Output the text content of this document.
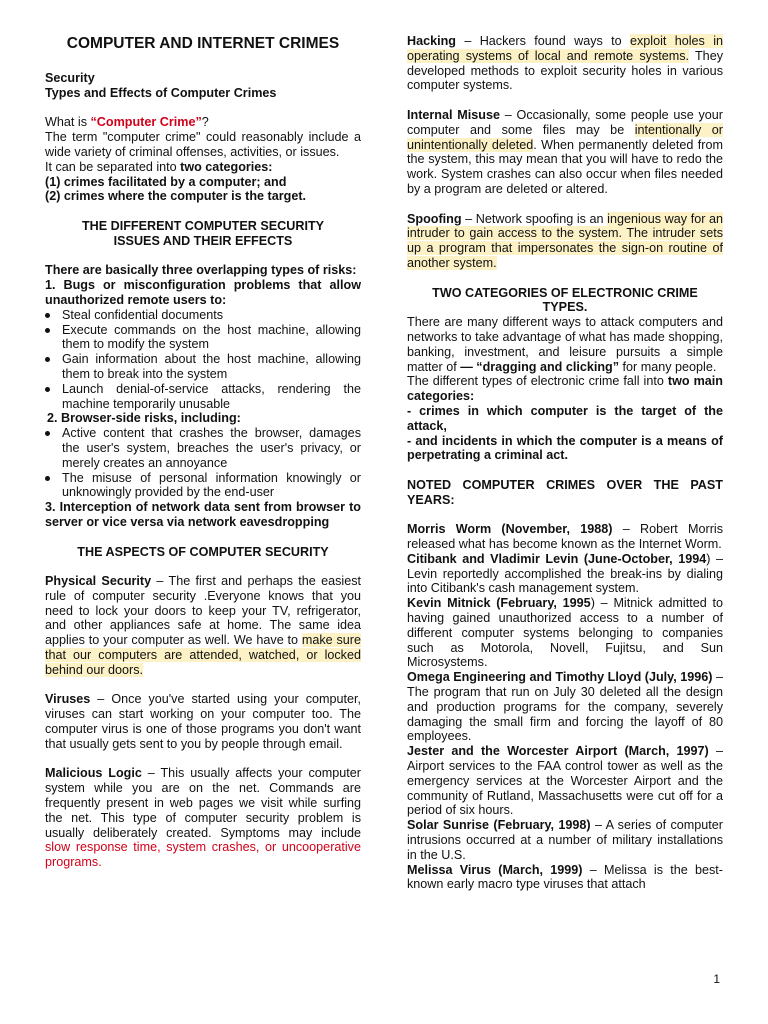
COMPUTER AND INTERNET CRIMES

Security

Types and Effects of Computer Crimes

What is “Computer Crime”?

The term "computer crime" could reasonably include a wide variety of criminal offenses, activities, or issues.

It can be separated into two categories:

(1) crimes facilitated by a computer; and

(2) crimes where the computer is the target.

THE DIFFERENT COMPUTER SECURITY ISSUES AND THEIR EFFECTS

There are basically three overlapping types of risks:

1. Bugs or misconfiguration problems that allow unauthorized remote users to:

Steal confidential documents
Execute commands on the host machine, allowing them to modify the system
Gain information about the host machine, allowing them to break into the system
Launch denial-of-service attacks, rendering the machine temporarily unusable

2. Browser-side risks, including:

Active content that crashes the browser, damages the user's system, breaches the user's privacy, or merely creates an annoyance
The misuse of personal information knowingly or unknowingly provided by the end-user

3. Interception of network data sent from browser to server or vice versa via network eavesdropping

THE ASPECTS OF COMPUTER SECURITY

Physical Security – The first and perhaps the easiest rule of computer security .Everyone knows that you need to lock your doors to keep your TV, refrigerator, and other appliances safe at home. The same idea applies to your computer as well. We have to make sure that our computers are attended, watched, or locked behind our doors.

Viruses – Once you've started using your computer, viruses can start working on your computer too. The computer virus is one of those programs you don't want that usually gets sent to you by people through email.

Malicious Logic – This usually affects your computer system while you are on the net. Commands are frequently present in web pages we visit while surfing the net. This type of computer security problem is usually deliberately created. Symptoms may include slow response time, system crashes, or uncooperative programs.

Hacking – Hackers found ways to exploit holes in operating systems of local and remote systems. They developed methods to exploit security holes in various computer systems.

Internal Misuse – Occasionally, some people use your computer and some files may be intentionally or unintentionally deleted. When permanently deleted from the system, this may mean that you will have to redo the work. System crashes can also occur when files needed by a program are deleted or altered.

Spoofing – Network spoofing is an ingenious way for an intruder to gain access to the system. The intruder sets up a program that impersonates the sign-on routine of another system.

TWO CATEGORIES OF ELECTRONIC CRIME TYPES.

There are many different ways to attack computers and networks to take advantage of what has made shopping, banking, investment, and leisure pursuits a simple matter of — “dragging and clicking” for many people.

The different types of electronic crime fall into two main categories:

- crimes in which computer is the target of the attack,

- and incidents in which the computer is a means of perpetrating a criminal act.

NOTED COMPUTER CRIMES OVER THE PAST YEARS:

Morris Worm (November, 1988) – Robert Morris released what has become known as the Internet Worm.

Citibank and Vladimir Levin (June-October, 1994) – Levin reportedly accomplished the break-ins by dialing into Citibank's cash management system.

Kevin Mitnick (February, 1995) – Mitnick admitted to having gained unauthorized access to a number of different computer systems belonging to companies such as Motorola, Novell, Fujitsu, and Sun Microsystems.

Omega Engineering and Timothy Lloyd (July, 1996) – The program that run on July 30 deleted all the design and production programs for the company, severely damaging the small firm and forcing the layoff of 80 employees.

Jester and the Worcester Airport (March, 1997) – Airport services to the FAA control tower as well as the emergency services at the Worcester Airport and the community of Rutland, Massachusetts were cut off for a period of six hours.

Solar Sunrise (February, 1998) – A series of computer intrusions occurred at a number of military installations in the U.S.

Melissa Virus (March, 1999) – Melissa is the best-known early macro type viruses that attach

1
